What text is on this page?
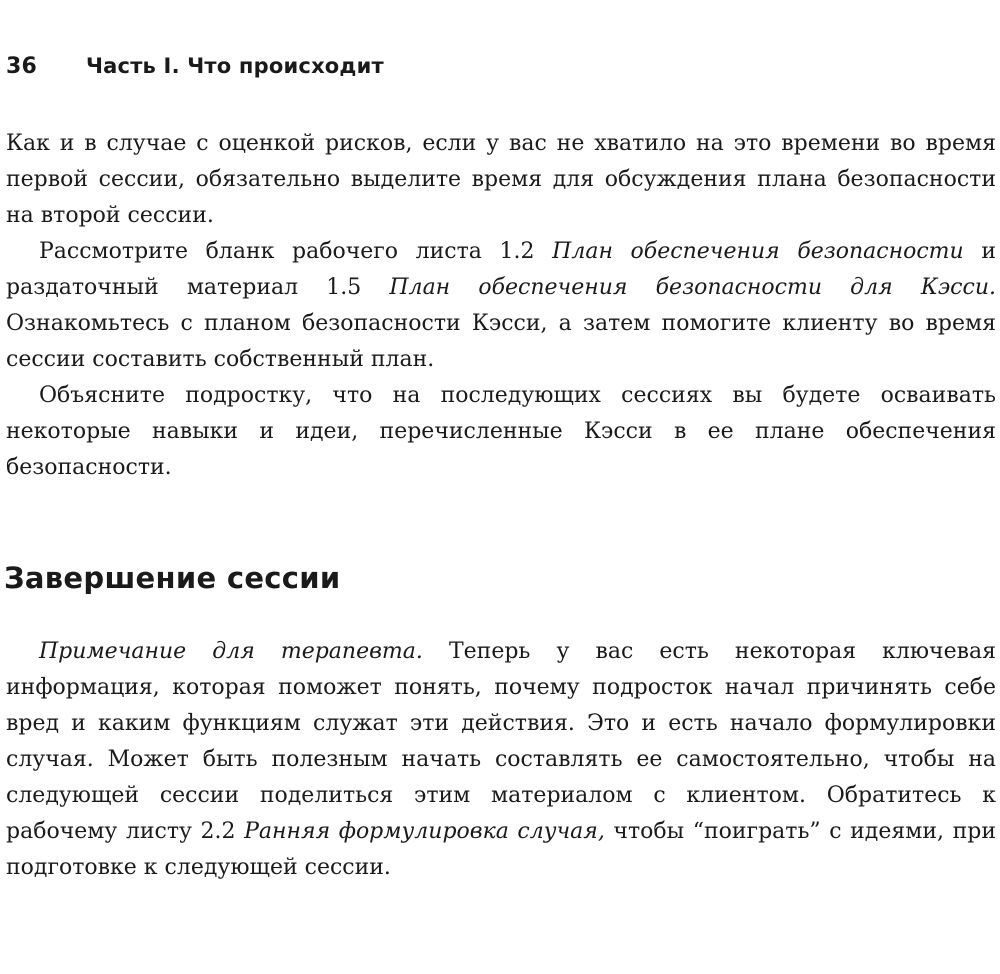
36 Часть I. Что происходит

Как и в случае с оценкой рисков, если у вас не хватило на это времени во время первой сессии, обязательно выделите время для обсуждения плана безопасности на второй сессии.

Рассмотрите бланк рабочего листа 1.2 План обеспечения безопасности и раздаточный материал 1.5 План обеспечения безопасности для Кэсси. Ознакомьтесь с планом безопасности Кэсси, а затем помогите клиенту во время сессии составить собственный план.

Объясните подростку, что на последующих сессиях вы будете осваивать некоторые навыки и идеи, перечисленные Кэсси в ее плане обеспечения безопасности.

Завершение сессии

Примечание для терапевта. Теперь у вас есть некоторая ключевая информация, которая поможет понять, почему подросток начал причинять себе вред и каким функциям служат эти действия. Это и есть начало формулировки случая. Может быть полезным начать составлять ее самостоятельно, чтобы на следующей сессии поделиться этим материалом с клиентом. Обратитесь к рабочему листу 2.2 Ранняя формулировка случая, чтобы “поиграть” с идеями, при подготовке к следующей сессии.
